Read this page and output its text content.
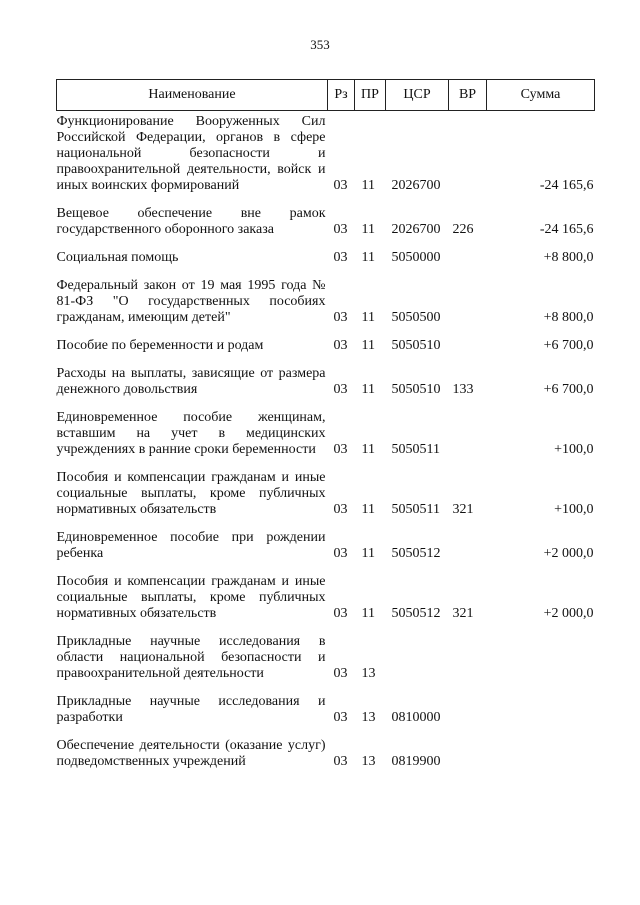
353
Наименование	Рз	ПР	ЦСР	ВР	Сумма
Функционирование Вооруженных Сил Российской Федерации, органов в сфере национальной безопасности и правоохранительной деятельности, войск и иных воинских формирований	03	11	2026700		-24 165,6
Вещевое обеспечение вне рамок государственного оборонного заказа	03	11	2026700	226	-24 165,6
Социальная помощь	03	11	5050000		+8 800,0
Федеральный закон от 19 мая 1995 года № 81-ФЗ "О государственных пособиях гражданам, имеющим детей"	03	11	5050500		+8 800,0
Пособие по беременности и родам	03	11	5050510		+6 700,0
Расходы на выплаты, зависящие от размера денежного довольствия	03	11	5050510	133	+6 700,0
Единовременное пособие женщинам, вставшим на учет в медицинских учреждениях в ранние сроки беременности	03	11	5050511		+100,0
Пособия и компенсации гражданам и иные социальные выплаты, кроме публичных нормативных обязательств	03	11	5050511	321	+100,0
Единовременное пособие при рождении ребенка	03	11	5050512		+2 000,0
Пособия и компенсации гражданам и иные социальные выплаты, кроме публичных нормативных обязательств	03	11	5050512	321	+2 000,0
Прикладные научные исследования в области национальной безопасности и правоохранительной деятельности	03	13			
Прикладные научные исследования и разработки	03	13	0810000		
Обеспечение деятельности (оказание услуг) подведомственных учреждений	03	13	0819900		
